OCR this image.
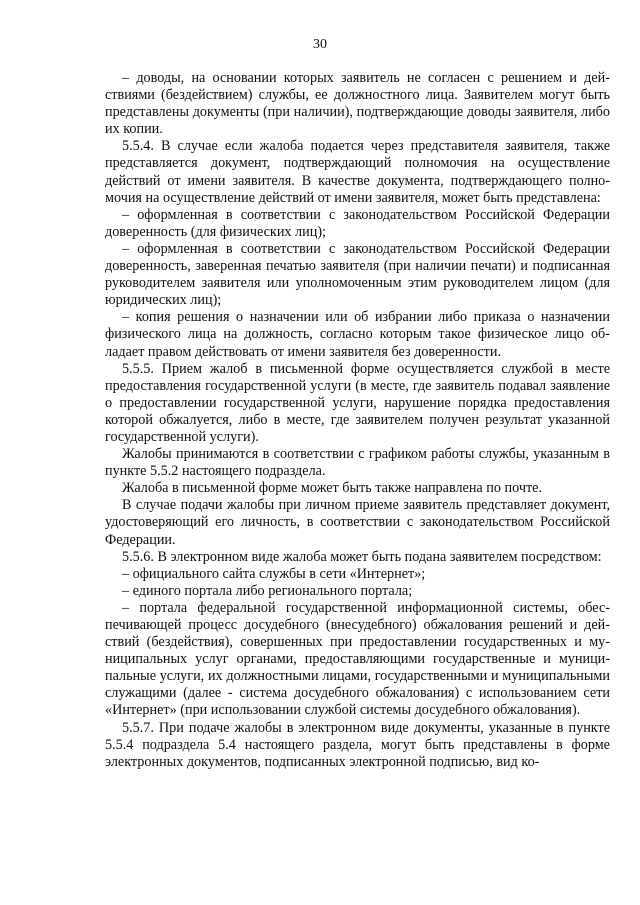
30

– доводы, на основании которых заявитель не согласен с решением и действиями (бездействием) службы, ее должностного лица. Заявителем могут быть представлены документы (при наличии), подтверждающие доводы заявителя, либо их копии.

5.5.4. В случае если жалоба подается через представителя заявителя, также представляется документ, подтверждающий полномочия на осуществление действий от имени заявителя. В качестве документа, подтверждающего полномочия на осуществление действий от имени заявителя, может быть представлена:

– оформленная в соответствии с законодательством Российской Федерации доверенность (для физических лиц);

– оформленная в соответствии с законодательством Российской Федерации доверенность, заверенная печатью заявителя (при наличии печати) и подписанная руководителем заявителя или уполномоченным этим руководителем лицом (для юридических лиц);

– копия решения о назначении или об избрании либо приказа о назначении физического лица на должность, согласно которым такое физическое лицо обладает правом действовать от имени заявителя без доверенности.

5.5.5. Прием жалоб в письменной форме осуществляется службой в месте предоставления государственной услуги (в месте, где заявитель подавал заявление о предоставлении государственной услуги, нарушение порядка предоставления которой обжалуется, либо в месте, где заявителем получен результат указанной государственной услуги).

Жалобы принимаются в соответствии с графиком работы службы, указанным в пункте 5.5.2 настоящего подраздела.

Жалоба в письменной форме может быть также направлена по почте.

В случае подачи жалобы при личном приеме заявитель представляет документ, удостоверяющий его личность, в соответствии с законодательством Российской Федерации.

5.5.6. В электронном виде жалоба может быть подана заявителем посредством:

– официального сайта службы в сети «Интернет»;

– единого портала либо регионального портала;

– портала федеральной государственной информационной системы, обеспечивающей процесс досудебного (внесудебного) обжалования решений и действий (бездействия), совершенных при предоставлении государственных и муниципальных услуг органами, предоставляющими государственные и муниципальные услуги, их должностными лицами, государственными и муниципальными служащими (далее - система досудебного обжалования) с использованием сети «Интернет» (при использовании службой системы досудебного обжалования).

5.5.7. При подаче жалобы в электронном виде документы, указанные в пункте 5.5.4 подраздела 5.4 настоящего раздела, могут быть представлены в форме электронных документов, подписанных электронной подписью, вид ко-
